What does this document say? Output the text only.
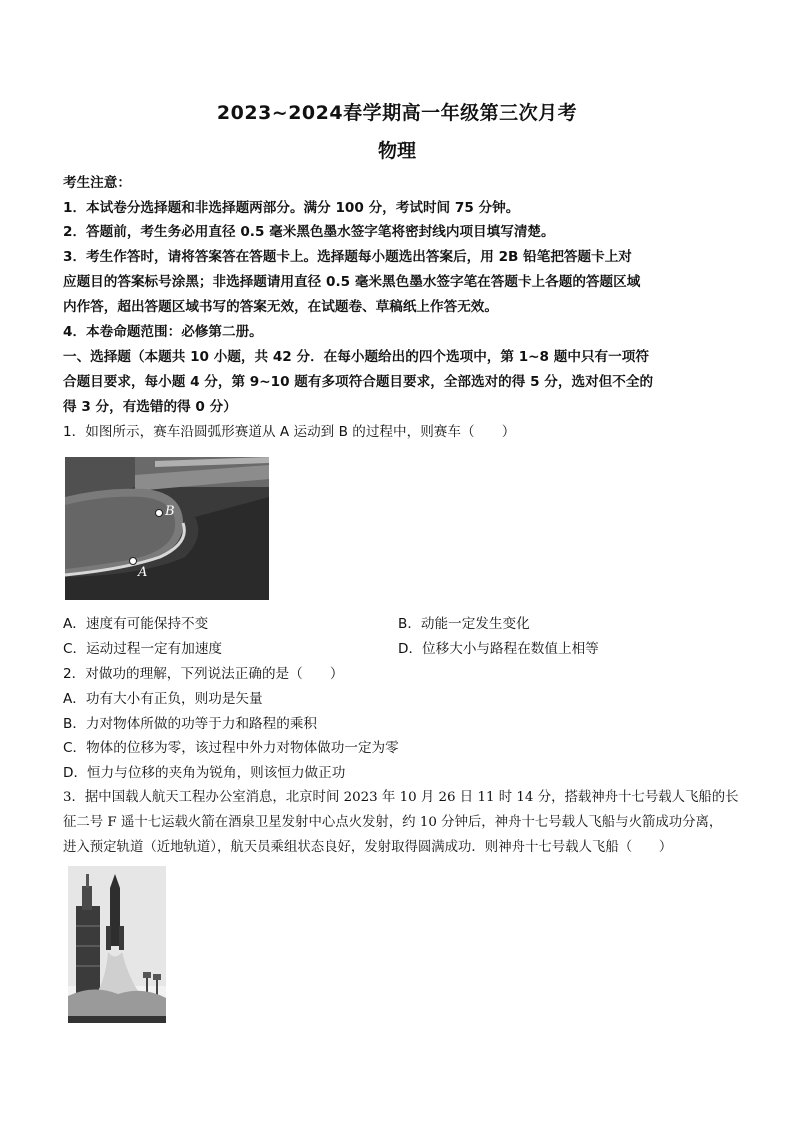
2023~2024春学期高一年级第三次月考
物理
考生注意：
1．本试卷分选择题和非选择题两部分。满分 100 分，考试时间 75 分钟。
2．答题前，考生务必用直径 0.5 毫米黑色墨水签字笔将密封线内项目填写清楚。
3．考生作答时，请将答案答在答题卡上。选择题每小题选出答案后，用 2B 铅笔把答题卡上对
应题目的答案标号涂黑；非选择题请用直径 0.5 毫米黑色墨水签字笔在答题卡上各题的答题区域
内作答，超出答题区域书写的答案无效，在试题卷、草稿纸上作答无效。
4．本卷命题范围：必修第二册。
一、选择题（本题共 10 小题，共 42 分．在每小题给出的四个选项中，第 1~8 题中只有一项符
合题目要求，每小题 4 分，第 9~10 题有多项符合题目要求，全部选对的得 5 分，选对但不全的
得 3 分，有选错的得 0 分）
1．如图所示，赛车沿圆弧形赛道从 A 运动到 B 的过程中，则赛车（　　）
B
A
A．速度有可能保持不变	B．动能一定发生变化
C．运动过程一定有加速度	D．位移大小与路程在数值上相等
2．对做功的理解，下列说法正确的是（　　）
A．功有大小有正负，则功是矢量
B．力对物体所做的功等于力和路程的乘积
C．物体的位移为零，该过程中外力对物体做功一定为零
D．恒力与位移的夹角为锐角，则该恒力做正功
3．据中国载人航天工程办公室消息，北京时间 2023 年 10 月 26 日 11 时 14 分，搭载神舟十七号载人飞船的长
征二号 F 遥十七运载火箭在酒泉卫星发射中心点火发射，约 10 分钟后，神舟十七号载人飞船与火箭成功分离，
进入预定轨道（近地轨道），航天员乘组状态良好，发射取得圆满成功．则神舟十七号载人飞船（　　）
